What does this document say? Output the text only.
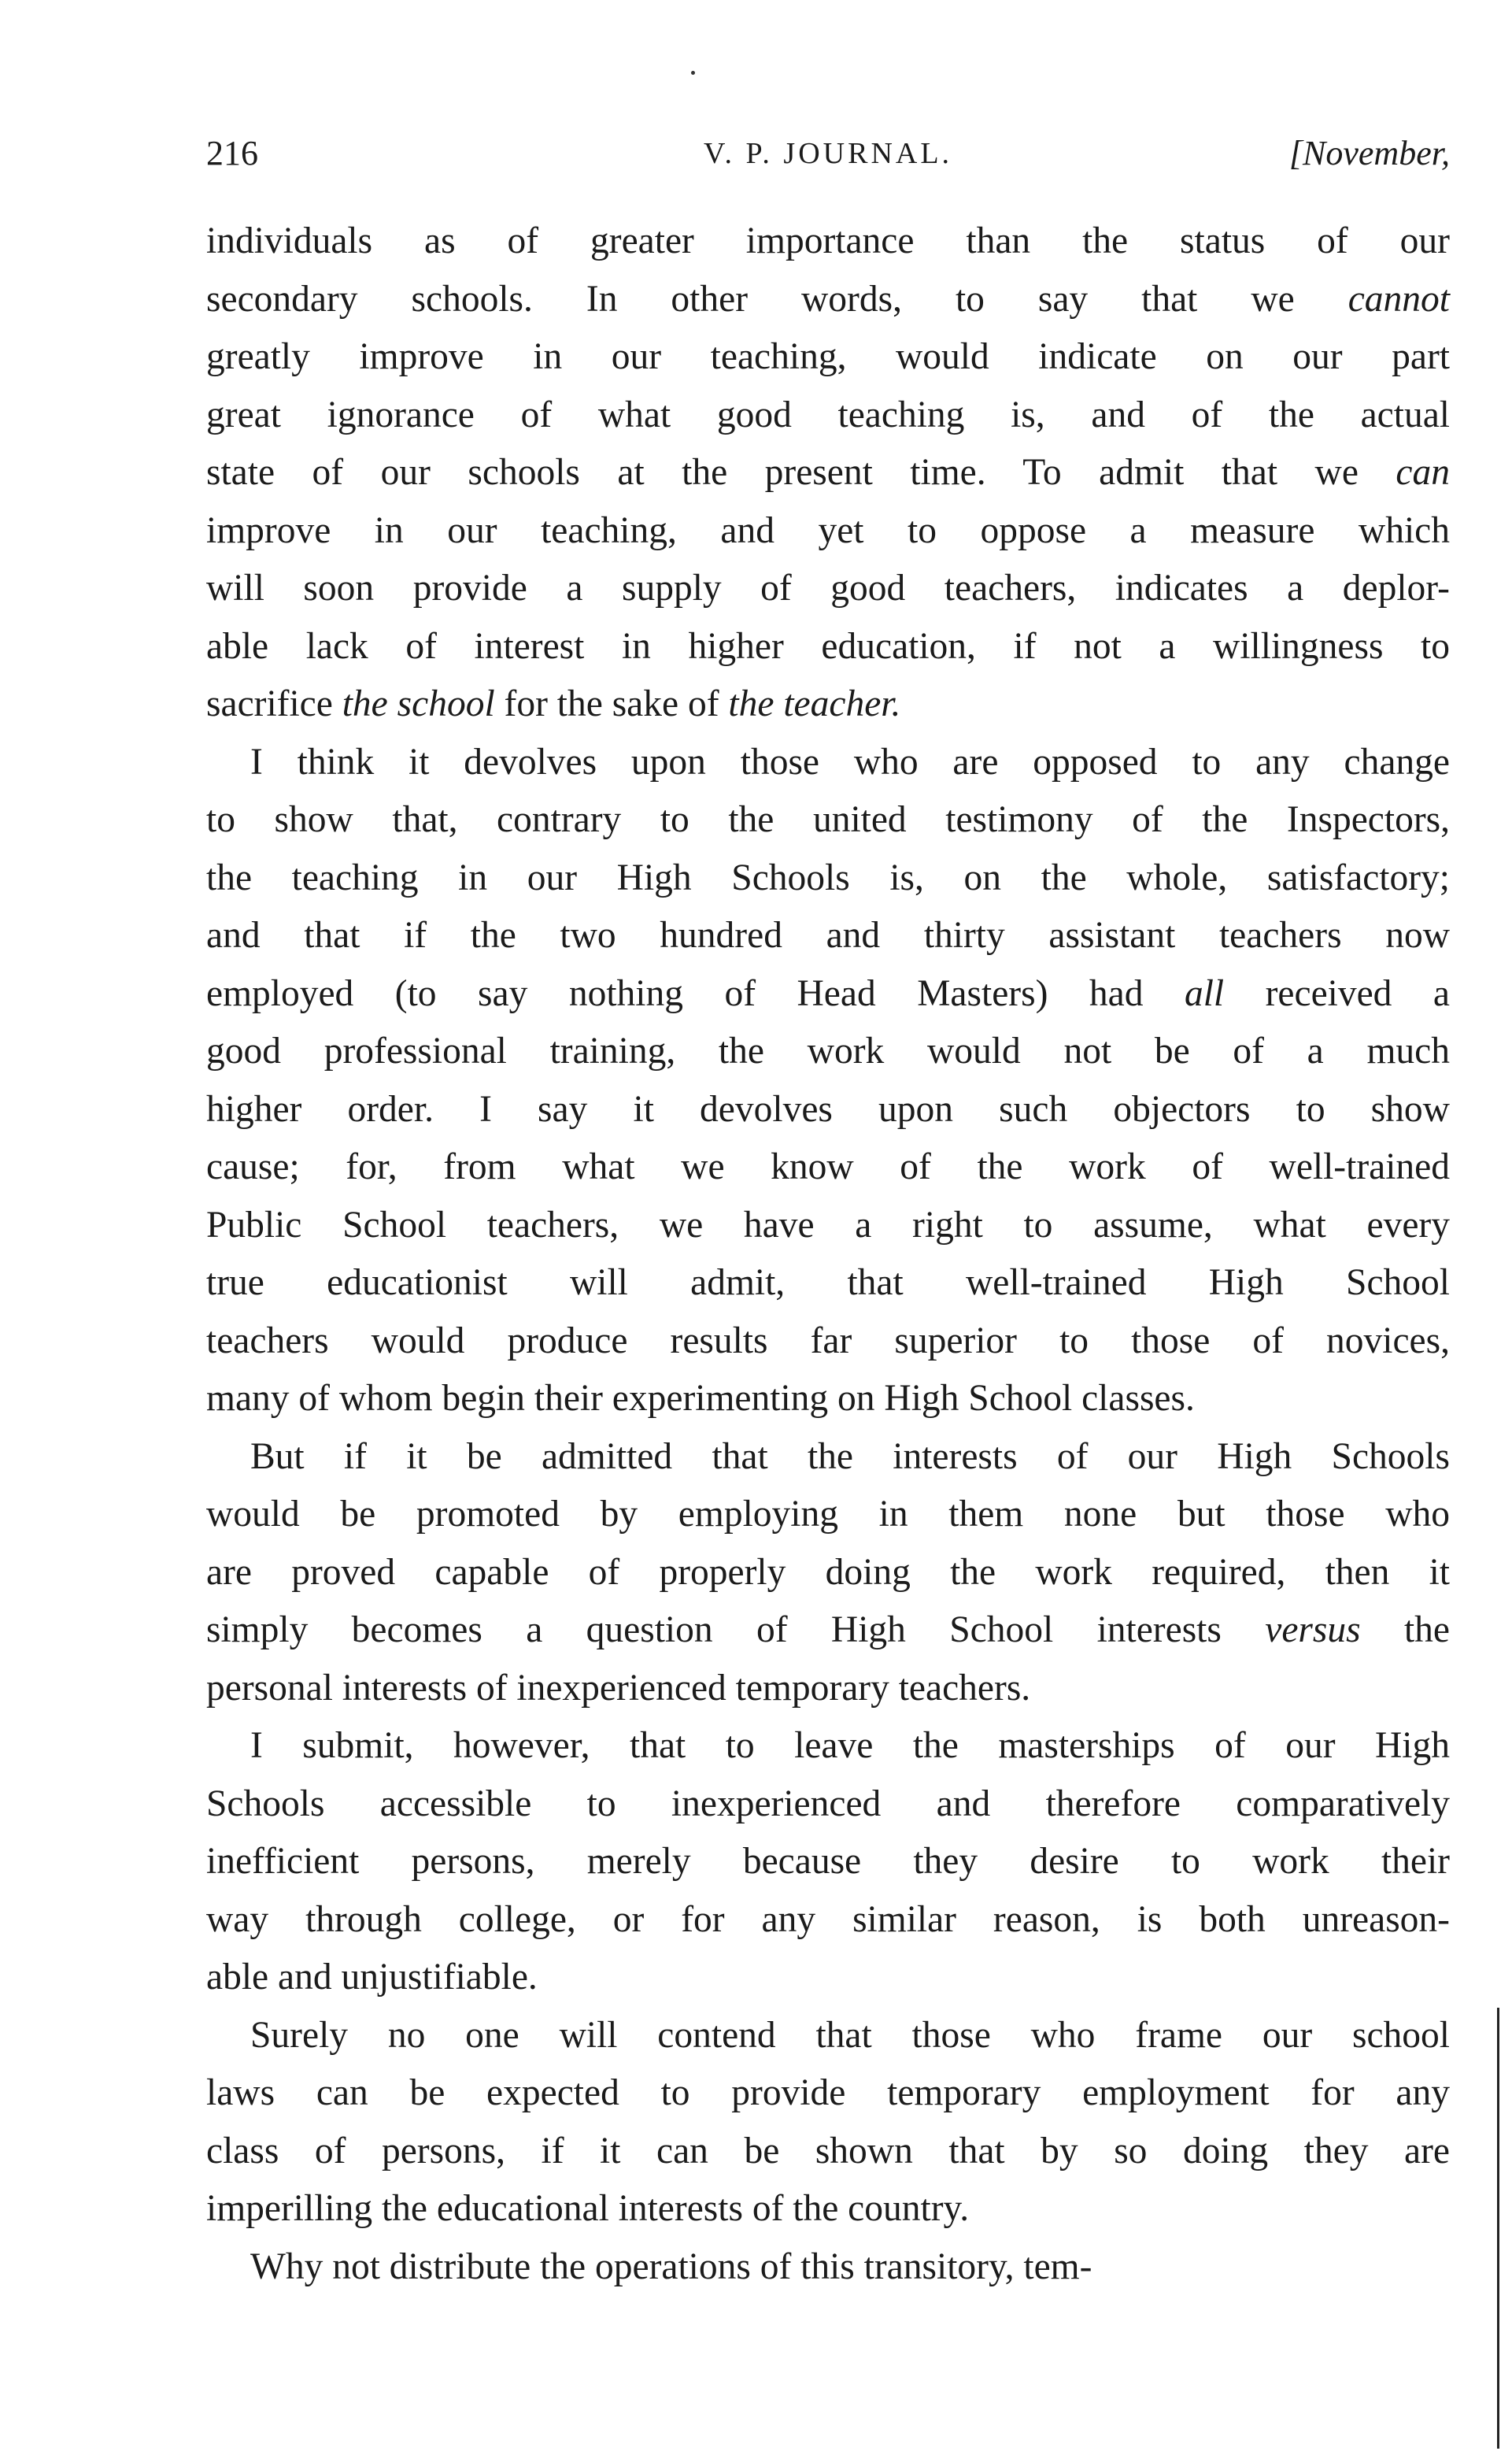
216	V. P. JOURNAL.	[November,
individuals as of greater importance than the status of our
secondary schools. In other words, to say that we cannot
greatly improve in our teaching, would indicate on our part
great ignorance of what good teaching is, and of the actual
state of our schools at the present time. To admit that we can
improve in our teaching, and yet to oppose a measure which
will soon provide a supply of good teachers, indicates a deplor-
able lack of interest in higher education, if not a willingness to
sacrifice the school for the sake of the teacher.
I think it devolves upon those who are opposed to any change
to show that, contrary to the united testimony of the Inspectors,
the teaching in our High Schools is, on the whole, satisfactory;
and that if the two hundred and thirty assistant teachers now
employed (to say nothing of Head Masters) had all received a
good professional training, the work would not be of a much
higher order. I say it devolves upon such objectors to show
cause; for, from what we know of the work of well-trained
Public School teachers, we have a right to assume, what every
true educationist will admit, that well-trained High School
teachers would produce results far superior to those of novices,
many of whom begin their experimenting on High School classes.
But if it be admitted that the interests of our High Schools
would be promoted by employing in them none but those who
are proved capable of properly doing the work required, then it
simply becomes a question of High School interests versus the
personal interests of inexperienced temporary teachers.
I submit, however, that to leave the masterships of our High
Schools accessible to inexperienced and therefore comparatively
inefficient persons, merely because they desire to work their
way through college, or for any similar reason, is both unreason-
able and unjustifiable.
Surely no one will contend that those who frame our school
laws can be expected to provide temporary employment for any
class of persons, if it can be shown that by so doing they are
imperilling the educational interests of the country.
Why not distribute the operations of this transitory, tem-
